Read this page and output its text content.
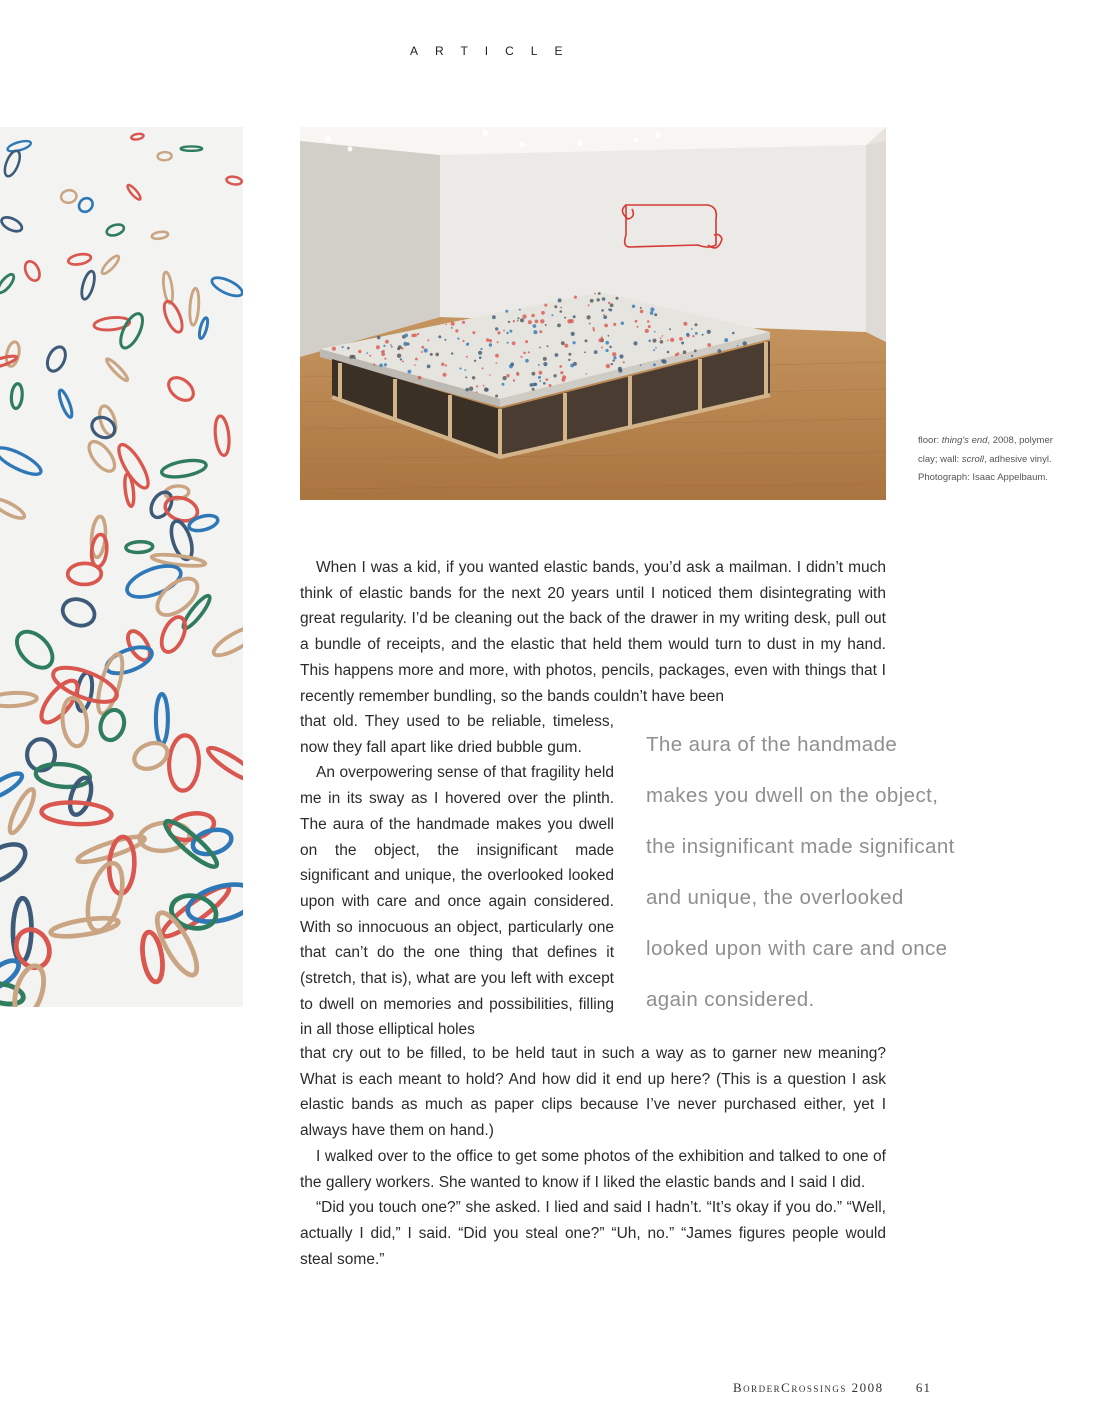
ARTICLE
floor: thing's end, 2008, polymer clay; wall: scroll, adhesive vinyl. Photograph: Isaac Appelbaum.

When I was a kid, if you wanted elastic bands, you’d ask a mailman. I didn’t much think of elastic bands for the next 20 years until I noticed them disintegrating with great regularity. I’d be cleaning out the back of the drawer in my writing desk, pull out a bundle of receipts, and the elastic that held them would turn to dust in my hand. This happens more and more, with photos, pencils, packages, even with things that I recently remember bundling, so the bands couldn’t have been

that old. They used to be reliable, timeless, now they fall apart like dried bubble gum.

An overpowering sense of that fragility held me in its sway as I hovered over the plinth. The aura of the handmade makes you dwell on the object, the insignificant made significant and unique, the overlooked looked upon with care and once again considered. With so innocuous an object, particularly one that can’t do the one thing that defines it (stretch, that is), what are you left with except to dwell on memories and possibilities, filling in all those elliptical holes

The aura of the handmade
makes you dwell on the object,
the insignificant made significant
and unique, the overlooked
looked upon with care and once
again considered.

that cry out to be filled, to be held taut in such a way as to garner new meaning? What is each meant to hold? And how did it end up here? (This is a question I ask elastic bands as much as paper clips because I’ve never purchased either, yet I always have them on hand.)

I walked over to the office to get some photos of the exhibition and talked to one of the gallery workers. She wanted to know if I liked the elastic bands and I said I did.

“Did you touch one?” she asked. I lied and said I hadn’t. “It’s okay if you do.” “Well, actually I did,” I said. “Did you steal one?” “Uh, no.” “James figures people would steal some.”

BorderCrossings 2008 61
